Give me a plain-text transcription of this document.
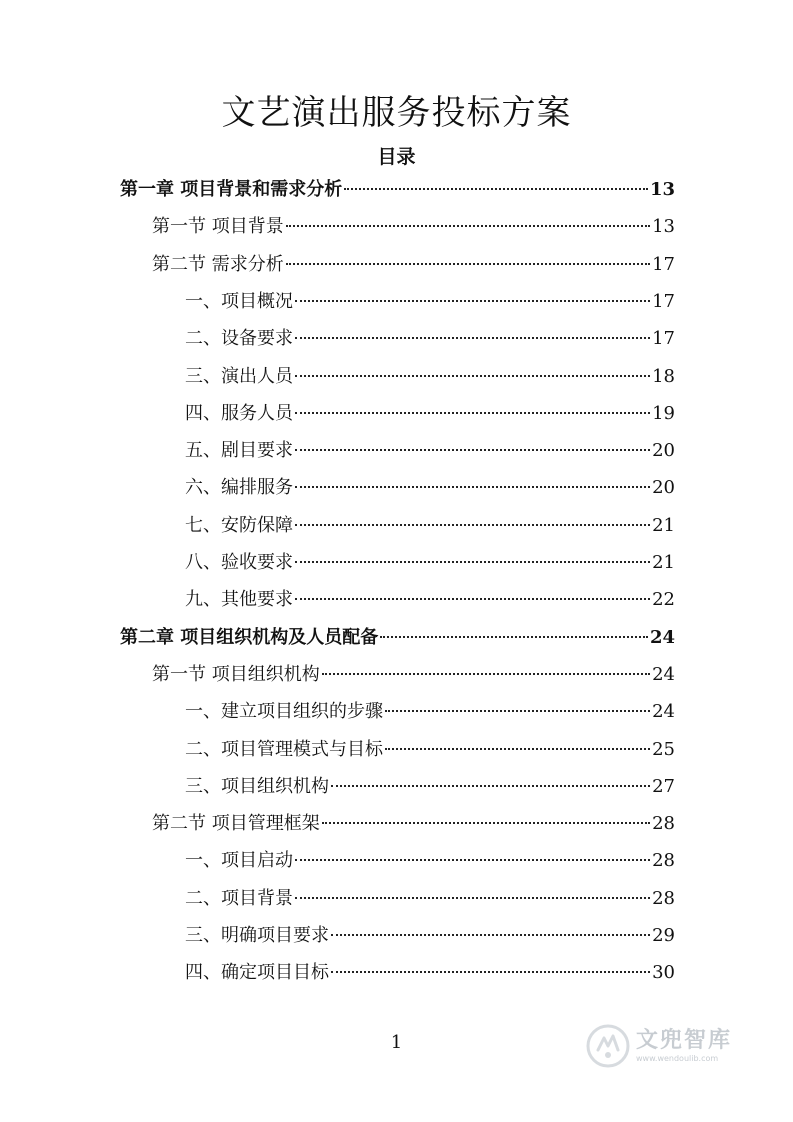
文艺演出服务投标方案
目录
第一章 项目背景和需求分析	13
第一节 项目背景	13
第二节 需求分析	17
一、项目概况	17
二、设备要求	17
三、演出人员	18
四、服务人员	19
五、剧目要求	20
六、编排服务	20
七、安防保障	21
八、验收要求	21
九、其他要求	22
第二章 项目组织机构及人员配备	24
第一节 项目组织机构	24
一、建立项目组织的步骤	24
二、项目管理模式与目标	25
三、项目组织机构	27
第二节 项目管理框架	28
一、项目启动	28
二、项目背景	28
三、明确项目要求	29
四、确定项目目标	30
1	文兜智库
www.wendoulib.com
